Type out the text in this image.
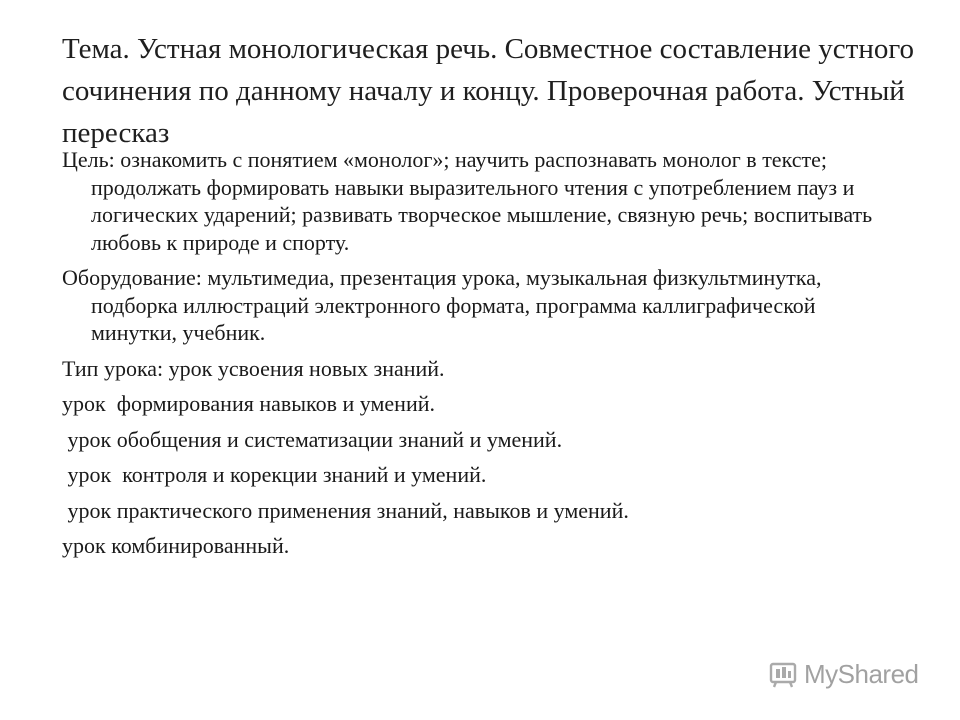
Тема. Устная монологическая речь. Совместное составление устного сочинения по данному началу и концу. Проверочная работа. Устный пересказ

Цель: ознакомить с понятием «монолог»; научить распознавать монолог в тексте; продолжать формировать навыки выразительного чтения с употреблением пауз и логических ударений; развивать творческое мышление, связную речь; воспитывать любовь к природе и спорту.

Оборудование: мультимедиа, презентация урока, музыкальная физкультминутка, подборка иллюстраций электронного формата, программа каллиграфической минутки, учебник.

Тип урока: урок усвоения новых знаний.

урок  формирования навыков и умений.

урок обобщения и систематизации знаний и умений.

урок  контроля и корекции знаний и умений.

урок практического применения знаний, навыков и умений.

урок комбинированный.

MyShared
